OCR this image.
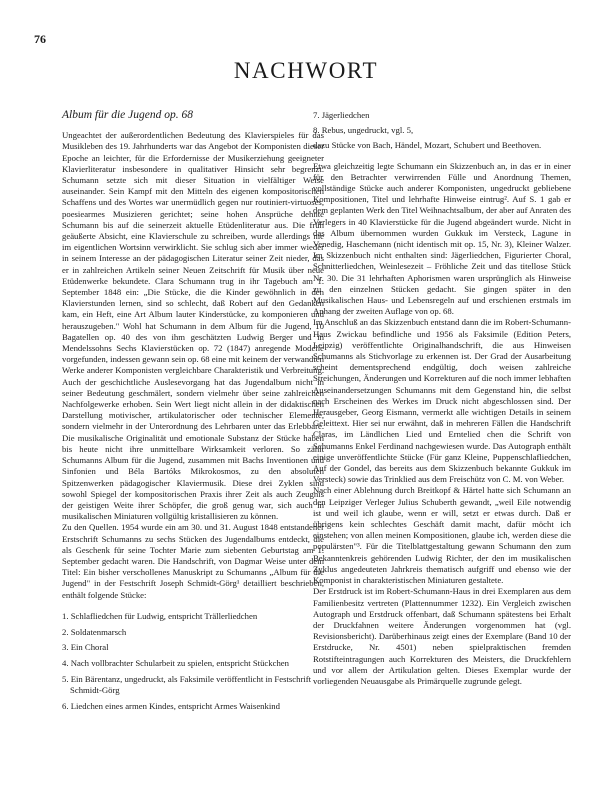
76
NACHWORT
Album für die Jugend op. 68

Ungeachtet der außerordentlichen Bedeutung des Klavierspieles für das Musikleben des 19. Jahrhunderts war das Angebot der Komponisten dieser Epoche an leichter, für die Erfordernisse der Musikerziehung geeigneter Klavierliteratur insbesondere in qualitativer Hinsicht sehr begrenzt. Schumann setzte sich mit dieser Situation in vielfältiger Weise auseinander. Sein Kampf mit den Mitteln des eigenen kompositorischen Schaffens und des Wortes war unermüdlich gegen nur routiniert-virtuoses, poesiearmes Musizieren gerichtet; seine hohen Ansprüche dehnte Schumann bis auf die seinerzeit aktuelle Etüdenliteratur aus. Die früh geäußerte Absicht, eine Klavierschule zu schreiben, wurde allerdings nie im eigentlichen Wortsinn verwirklicht. Sie schlug sich aber immer wieder in seinem Interesse an der pädagogischen Literatur seiner Zeit nieder, das er in zahlreichen Artikeln seiner Neuen Zeitschrift für Musik über neue Etüdenwerke bekundete. Clara Schumann trug in ihr Tagebuch am 1. September 1848 ein: „Die Stücke, die die Kinder gewöhnlich in den Klavierstunden lernen, sind so schlecht, daß Robert auf den Gedanken kam, ein Heft, eine Art Album lauter Kinderstücke, zu komponieren und herauszugeben." Wohl hat Schumann in dem Album für die Jugend, 10 Bagatellen op. 40 des von ihm geschätzten Ludwig Berger und in Mendelssohns Sechs Klavierstücken op. 72 (1847) anregende Modelle vorgefunden, indessen gewann sein op. 68 eine mit keinem der verwandten Werke anderer Komponisten vergleichbare Charakteristik und Verbreitung. Auch der geschichtliche Auslesevorgang hat das Jugendalbum nicht in seiner Bedeutung geschmälert, sondern vielmehr über seine zahlreichen Nachfolgewerke erhoben. Sein Wert liegt nicht allein in der didaktischen Darstellung motivischer, artikulatorischer oder technischer Elemente, sondern vielmehr in der Unterordnung des Lehrbaren unter das Erlebbare. Die musikalische Originalität und emotionale Substanz der Stücke haben bis heute nicht ihre unmittelbare Wirksamkeit verloren. So zählt Schumanns Album für die Jugend, zusammen mit Bachs Inventionen und Sinfonien und Béla Bartóks Mikrokosmos, zu den absoluten Spitzenwerken pädagogischer Klaviermusik. Diese drei Zyklen sind sowohl Spiegel der kompositorischen Praxis ihrer Zeit als auch Zeugnis der geistigen Weite ihrer Schöpfer, die groß genug war, sich auch in musikalischen Miniaturen vollgültig kristallisieren zu können.

Zu den Quellen. 1954 wurde ein am 30. und 31. August 1848 entstandener Erstschrift Schumanns zu sechs Stücken des Jugendalbums entdeckt, die als Geschenk für seine Tochter Marie zum siebenten Geburtstag am 1. September gedacht waren. Die Handschrift, von Dagmar Weise unter dem Titel: Ein bisher verschollenes Manuskript zu Schumanns „Album für die Jugend" in der Festschrift Joseph Schmidt-Görg¹ detailliert beschrieben, enthält folgende Stücke:

1. Schlafliedchen für Ludwig, entspricht Trällerliedchen
2. Soldatenmarsch
3. Ein Choral
4. Nach vollbrachter Schularbeit zu spielen, entspricht Stückchen
5. Ein Bärentanz, ungedruckt, als Faksimile veröffentlicht in Festschrift Schmidt-Görg
6. Liedchen eines armen Kindes, entspricht Armes Waisenkind
7. Jägerliedchen
8. Rebus, ungedruckt, vgl. 5,

dazu Stücke von Bach, Händel, Mozart, Schubert und Beethoven.

Etwa gleichzeitig legte Schumann ein Skizzenbuch an, in das er in einer für den Betrachter verwirrenden Fülle und Anordnung Themen, vollständige Stücke auch anderer Komponisten, ungedruckt gebliebene Kompositionen, Titel und lehrhafte Hinweise eintrug². Auf S. 1 gab er dem geplanten Werk den Titel Weihnachtsalbum, der aber auf Anraten des Verlegers in 40 Klavierstücke für die Jugend abgeändert wurde. Nicht in das Album übernommen wurden Gukkuk im Versteck, Lagune in Venedig, Haschemann (nicht identisch mit op. 15, Nr. 3), Kleiner Walzer. Im Skizzenbuch nicht enthalten sind: Jägerliedchen, Figurierter Choral, Schnitterliedchen, Weinlesezeit – Fröhliche Zeit und das titellose Stück Nr. 30. Die 31 lehrhaften Aphorismen waren ursprünglich als Hinweise zu den einzelnen Stücken gedacht. Sie gingen später in den Musikalischen Haus- und Lebensregeln auf und erschienen erstmals im Anhang der zweiten Auflage von op. 68.

Im Anschluß an das Skizzenbuch entstand dann die im Robert-Schumann-Haus Zwickau befindliche und 1956 als Faksimile (Edition Peters, Leipzig) veröffentlichte Originalhandschrift, die aus Hinweisen Schumanns als Stichvorlage zu erkennen ist. Der Grad der Ausarbeitung scheint dementsprechend endgültig, doch weisen zahlreiche Streichungen, Änderungen und Korrekturen auf die noch immer lebhaften Auseinandersetzungen Schumanns mit dem Gegenstand hin, die selbst nach Erscheinen des Werkes im Druck nicht abgeschlossen sind. Der Herausgeber, Georg Eismann, vermerkt alle wichtigen Details in seinem Geleittext. Hier sei nur erwähnt, daß in mehreren Fällen die Handschrift Claras, im Ländlichen Lied und Erntelied chen die Schrift von Schumanns Enkel Ferdinand nachgewiesen wurde. Das Autograph enthält einige unveröffentlichte Stücke (Für ganz Kleine, Puppenschlafliedchen, Auf der Gondel, das bereits aus dem Skizzenbuch bekannte Gukkuk im Versteck) sowie das Trinklied aus dem Freischütz von C. M. von Weber.

Nach einer Ablehnung durch Breitkopf & Härtel hatte sich Schumann an den Leipziger Verleger Julius Schuberth gewandt, „weil Eile notwendig ist und weil ich glaube, wenn er will, setzt er etwas durch. Daß er übrigens kein schlechtes Geschäft damit macht, dafür möcht ich einstehen; von allen meinen Kompositionen, glaube ich, werden diese die populärsten"³. Für die Titelblattgestaltung gewann Schumann den zum Bekanntenkreis gehörenden Ludwig Richter, der den im musikalischen Zyklus angedeuteten Jahrkreis thematisch aufgriff und ebenso wie der Komponist in charakteristischen Miniaturen gestaltete.

Der Erstdruck ist im Robert-Schumann-Haus in drei Exemplaren aus dem Familienbesitz vertreten (Plattennummer 1232). Ein Vergleich zwischen Autograph und Erstdruck offenbart, daß Schumann spätestens bei Erhalt der Druckfahnen weitere Änderungen vorgenommen hat (vgl. Revisionsbericht). Darüberhinaus zeigt eines der Exemplare (Band 10 der Erstdrucke, Nr. 4501) neben spielpraktischen fremden Rotstifteintragungen auch Korrekturen des Meisters, die Druckfehlern und vor allem der Artikulation gelten. Dieses Exemplar wurde der vorliegenden Neuausgabe als Primärquelle zugrunde gelegt.
